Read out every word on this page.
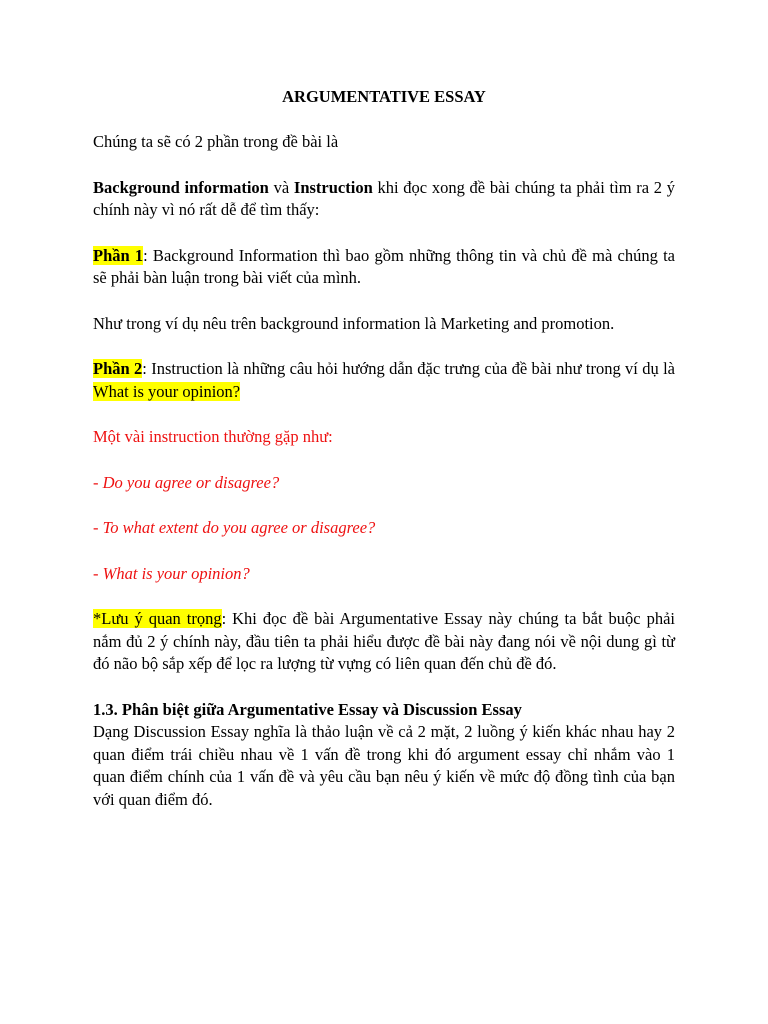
ARGUMENTATIVE ESSAY

Chúng ta sẽ có 2 phần trong đề bài là

Background information và Instruction khi đọc xong đề bài chúng ta phải tìm ra 2 ý chính này vì nó rất dễ để tìm thấy:

Phần 1: Background Information thì bao gồm những thông tin và chủ đề mà chúng ta sẽ phải bàn luận trong bài viết của mình.

Như trong ví dụ nêu trên background information là Marketing and promotion.

Phần 2: Instruction là những câu hỏi hướng dẫn đặc trưng của đề bài như trong ví dụ là What is your opinion?

Một vài instruction thường gặp như:

- Do you agree or disagree?

- To what extent do you agree or disagree?

- What is your opinion?

*Lưu ý quan trọng: Khi đọc đề bài Argumentative Essay này chúng ta bắt buộc phải nắm đủ 2 ý chính này, đầu tiên ta phải hiểu được đề bài này đang nói về nội dung gì từ đó não bộ sắp xếp để lọc ra lượng từ vựng có liên quan đến chủ đề đó.

1.3. Phân biệt giữa Argumentative Essay và Discussion Essay

Dạng Discussion Essay nghĩa là thảo luận về cả 2 mặt, 2 luồng ý kiến khác nhau hay 2 quan điểm trái chiều nhau về 1 vấn đề trong khi đó argument essay chỉ nhắm vào 1 quan điểm chính của 1 vấn đề và yêu cầu bạn nêu ý kiến về mức độ đồng tình của bạn với quan điểm đó.
